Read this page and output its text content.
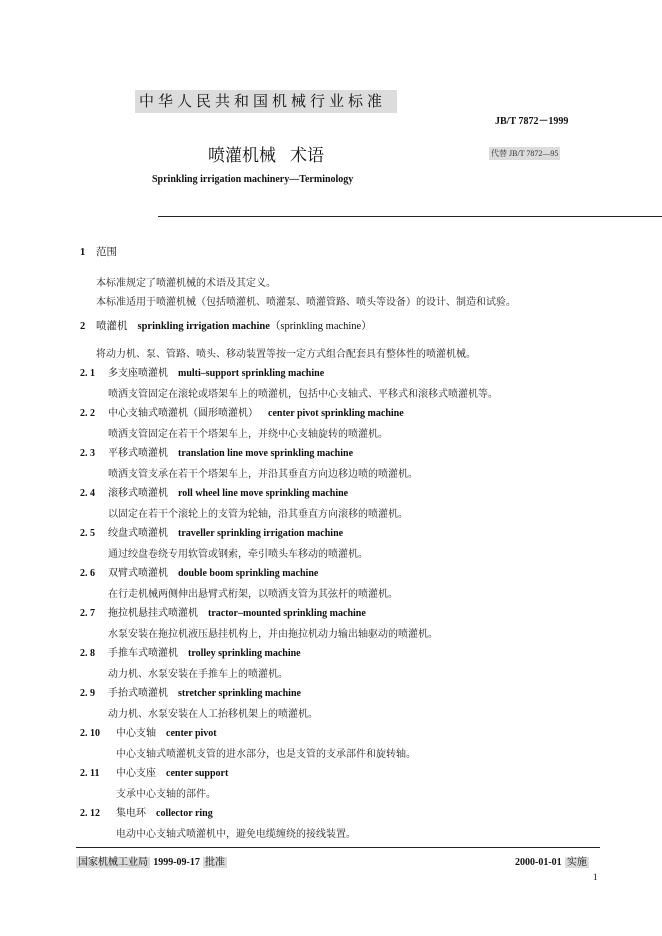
中华人民共和国机械行业标准
JB/T 7872－1999
喷灌机械 术语	代替 JB/T 7872—95
Sprinkling irrigation machinery—Terminology
1 范围
本标准规定了喷灌机械的术语及其定义。
本标准适用于喷灌机械（包括喷灌机、喷灌泵、喷灌管路、喷头等设备）的设计、制造和试验。
2 喷灌机 sprinkling irrigation machine（sprinkling machine）
将动力机、泵、管路、喷头、移动装置等按一定方式组合配套具有整体性的喷灌机械。
2. 1 多支座喷灌机 multi–support sprinkling machine
喷洒支管固定在滚轮或塔架车上的喷灌机，包括中心支轴式、平移式和滚移式喷灌机等。
2. 2 中心支轴式喷灌机（圆形喷灌机） center pivot sprinkling machine
喷洒支管固定在若干个塔架车上，并绕中心支轴旋转的喷灌机。
2. 3 平移式喷灌机 translation line move sprinkling machine
喷洒支管支承在若干个塔架车上，并沿其垂直方向边移边喷的喷灌机。
2. 4 滚移式喷灌机 roll wheel line move sprinkling machine
以固定在若干个滚轮上的支管为轮轴，沿其垂直方向滚移的喷灌机。
2. 5 绞盘式喷灌机 traveller sprinkling irrigation machine
通过绞盘卷绕专用软管或钢索，牵引喷头车移动的喷灌机。
2. 6 双臂式喷灌机 double boom sprinkling machine
在行走机械两侧伸出悬臂式桁架，以喷洒支管为其弦杆的喷灌机。
2. 7 拖拉机悬挂式喷灌机 tractor–mounted sprinkling machine
水泵安装在拖拉机液压悬挂机构上，并由拖拉机动力输出轴驱动的喷灌机。
2. 8 手推车式喷灌机 trolley sprinkling machine
动力机、水泵安装在手推车上的喷灌机。
2. 9 手抬式喷灌机 stretcher sprinkling machine
动力机、水泵安装在人工抬移机架上的喷灌机。
2. 10 中心支轴 center pivot
中心支轴式喷灌机支管的进水部分，也是支管的支承部件和旋转轴。
2. 11 中心支座 center support
支承中心支轴的部件。
2. 12 集电环 collector ring
电动中心支轴式喷灌机中，避免电缆缠绕的接线装置。
国家机械工业局 1999-09-17 批准	2000-01-01 实施
1
